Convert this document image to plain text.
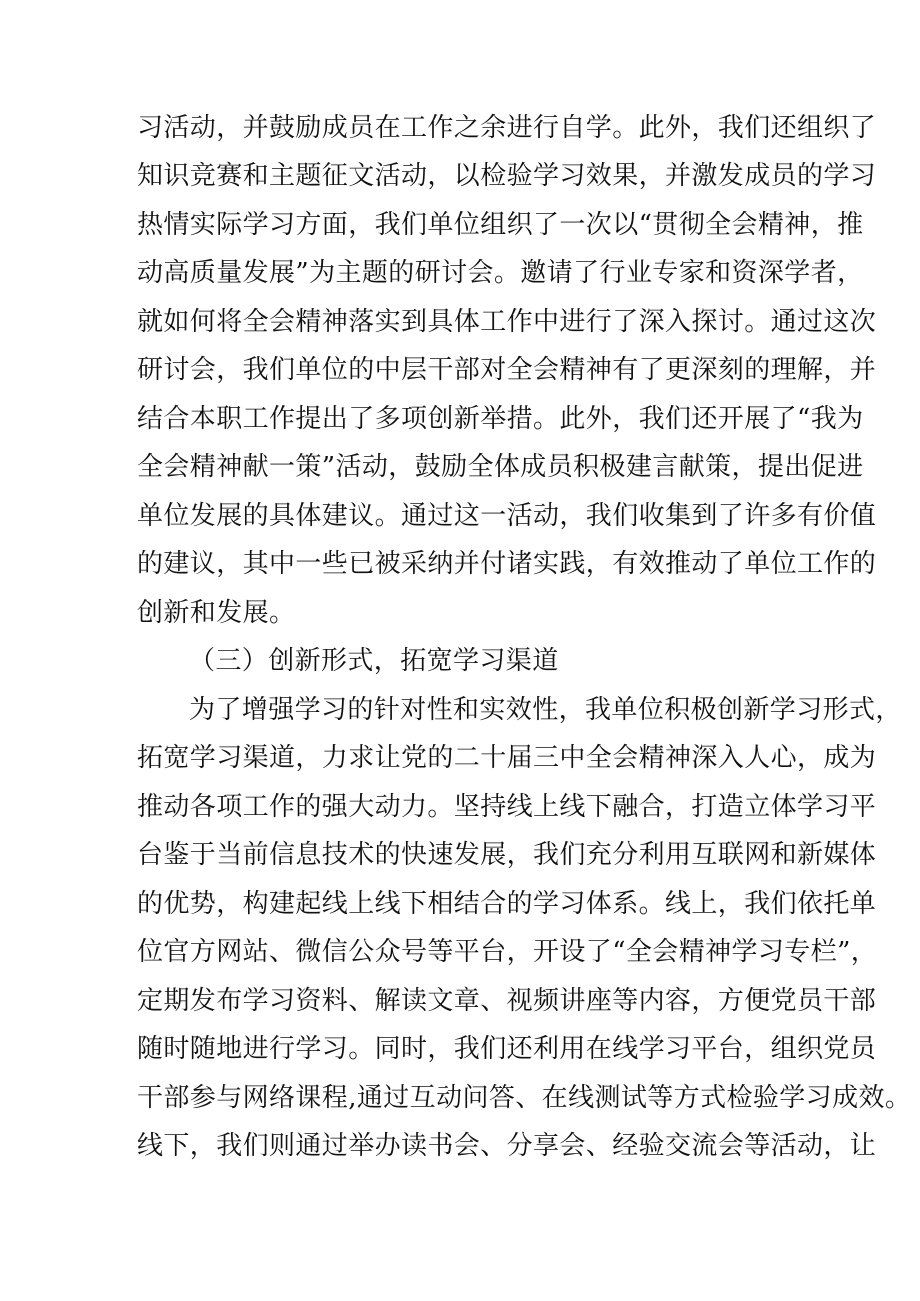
习活动，并鼓励成员在工作之余进行自学。此外，我们还组织了
知识竞赛和主题征文活动，以检验学习效果，并激发成员的学习
热情实际学习方面，我们单位组织了一次以“贯彻全会精神，推
动高质量发展”为主题的研讨会。邀请了行业专家和资深学者，
就如何将全会精神落实到具体工作中进行了深入探讨。通过这次
研讨会，我们单位的中层干部对全会精神有了更深刻的理解，并
结合本职工作提出了多项创新举措。此外，我们还开展了“我为
全会精神献一策”活动，鼓励全体成员积极建言献策，提出促进
单位发展的具体建议。通过这一活动，我们收集到了许多有价值
的建议，其中一些已被采纳并付诸实践，有效推动了单位工作的
创新和发展。
（三）创新形式，拓宽学习渠道
为了增强学习的针对性和实效性，我单位积极创新学习形式，
拓宽学习渠道，力求让党的二十届三中全会精神深入人心，成为
推动各项工作的强大动力。坚持线上线下融合，打造立体学习平
台鉴于当前信息技术的快速发展，我们充分利用互联网和新媒体
的优势，构建起线上线下相结合的学习体系。线上，我们依托单
位官方网站、微信公众号等平台，开设了“全会精神学习专栏”，
定期发布学习资料、解读文章、视频讲座等内容，方便党员干部
随时随地进行学习。同时，我们还利用在线学习平台，组织党员
干部参与网络课程,通过互动问答、在线测试等方式检验学习成效。
线下，我们则通过举办读书会、分享会、经验交流会等活动，让
